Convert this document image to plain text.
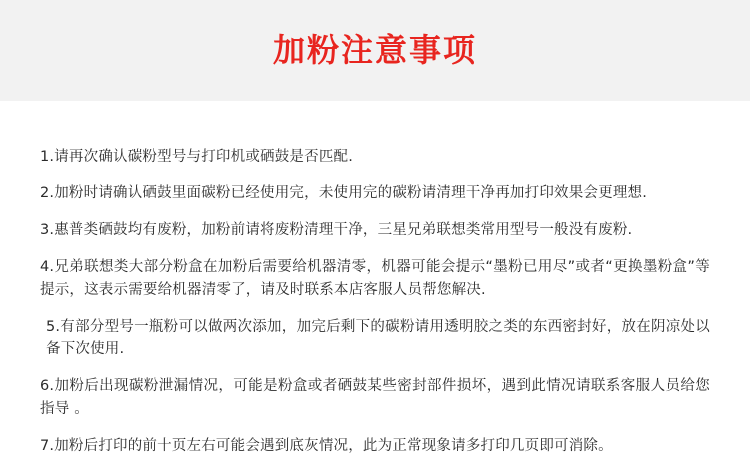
加粉注意事项

1.请再次确认碳粉型号与打印机或硒鼓是否匹配.

2.加粉时请确认硒鼓里面碳粉已经使用完，未使用完的碳粉请清理干净再加打印效果会更理想.

3.惠普类硒鼓均有废粉，加粉前请将废粉清理干净，三星兄弟联想类常用型号一般没有废粉.

4.兄弟联想类大部分粉盒在加粉后需要给机器清零，机器可能会提示“墨粉已用尽”或者“更换墨粉盒”等提示，这表示需要给机器清零了，请及时联系本店客服人员帮您解决.

5.有部分型号一瓶粉可以做两次添加，加完后剩下的碳粉请用透明胶之类的东西密封好，放在阴凉处以备下次使用.

6.加粉后出现碳粉泄漏情况，可能是粉盒或者硒鼓某些密封部件损坏，遇到此情况请联系客服人员给您指导 。

7.加粉后打印的前十页左右可能会遇到底灰情况，此为正常现象请多打印几页即可消除。
